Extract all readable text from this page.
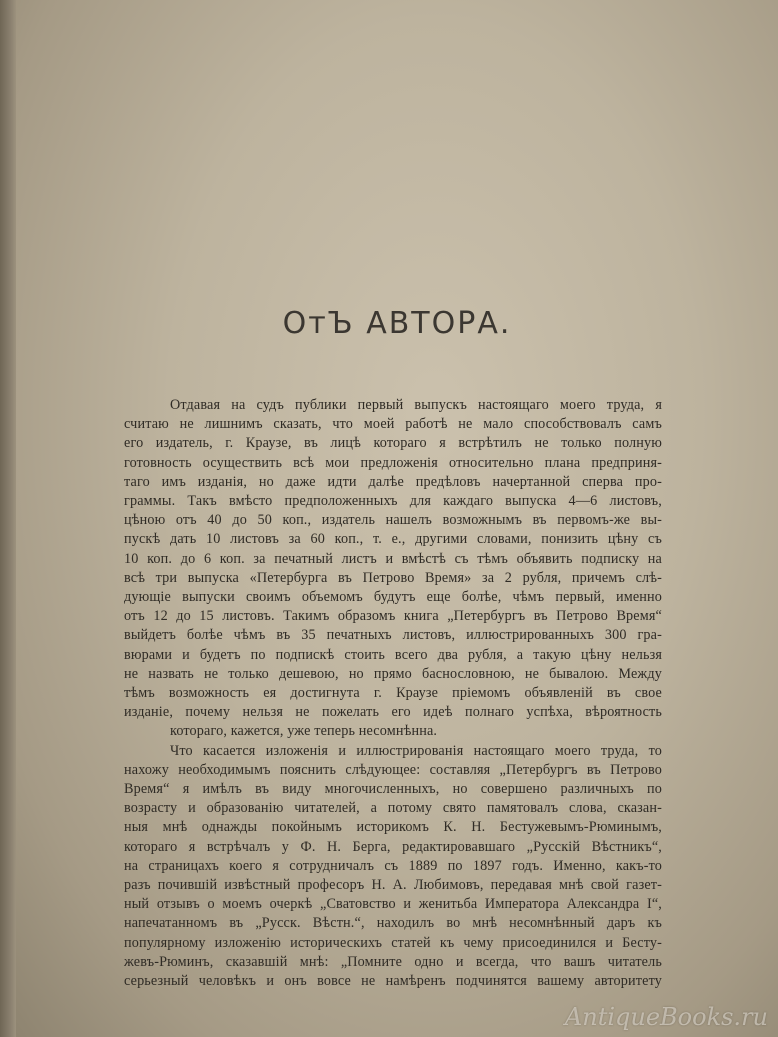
ОтЪ АВТОРА.
Отдавая на судъ публики первый выпускъ настоящаго моего труда, я
считаю не лишнимъ сказать, что моей работѣ не мало способствовалъ самъ
его издатель, г. Краузе, въ лицѣ котораго я встрѣтилъ не только полную
готовность осуществить всѣ мои предложенія относительно плана предприня-
таго имъ изданія, но даже идти далѣе предѣловъ начертанной сперва про-
граммы. Такъ вмѣсто предположенныхъ для каждаго выпуска 4—6 листовъ,
цѣною отъ 40 до 50 коп., издатель нашелъ возможнымъ въ первомъ-же вы-
пускѣ дать 10 листовъ за 60 коп., т. е., другими словами, понизить цѣну съ
10 коп. до 6 коп. за печатный листъ и вмѣстѣ съ тѣмъ объявить подписку на
всѣ три выпуска «Петербурга въ Петрово Время» за 2 рубля, причемъ слѣ-
дующіе выпуски своимъ объемомъ будутъ еще болѣе, чѣмъ первый, именно
отъ 12 до 15 листовъ. Такимъ образомъ книга „Петербургъ въ Петрово Время“
выйдетъ болѣе чѣмъ въ 35 печатныхъ листовъ, иллюстрированныхъ 300 гра-
вюрами и будетъ по подпискѣ стоить всего два рубля, а такую цѣну нельзя
не назвать не только дешевою, но прямо баснословною, не бывалою. Между
тѣмъ возможность ея достигнута г. Краузе пріемомъ объявленій въ свое
изданіе, почему нельзя не пожелать его идеѣ полнаго успѣха, вѣроятность
котораго, кажется, уже теперь несомнѣнна.
Что касается изложенія и иллюстрированія настоящаго моего труда, то
нахожу необходимымъ пояснить слѣдующее: составляя „Петербургъ въ Петрово
Время“ я имѣлъ въ виду многочисленныхъ, но совершено различныхъ по
возрасту и образованію читателей, а потому свято памятовалъ слова, сказан-
ныя мнѣ однажды покойнымъ историкомъ К. Н. Бестужевымъ-Рюминымъ,
котораго я встрѣчалъ у Ф. Н. Берга, редактировавшаго „Русскій Вѣстникъ“,
на страницахъ коего я сотрудничалъ съ 1889 по 1897 годъ. Именно, какъ-то
разъ почившій извѣстный професоръ Н. А. Любимовъ, передавая мнѣ свой газет-
ный отзывъ о моемъ очеркѣ „Сватовство и женитьба Императора Александра I“,
напечатанномъ въ „Русск. Вѣстн.“, находилъ во мнѣ несомнѣнный даръ къ
популярному изложенію историческихъ статей къ чему присоединился и Бесту-
жевъ-Рюминъ, сказавшій мнѣ: „Помните одно и всегда, что вашъ читатель
серьезный человѣкъ и онъ вовсе не намѣренъ подчинятся вашему авторитету
AntiqueBooks.ru
